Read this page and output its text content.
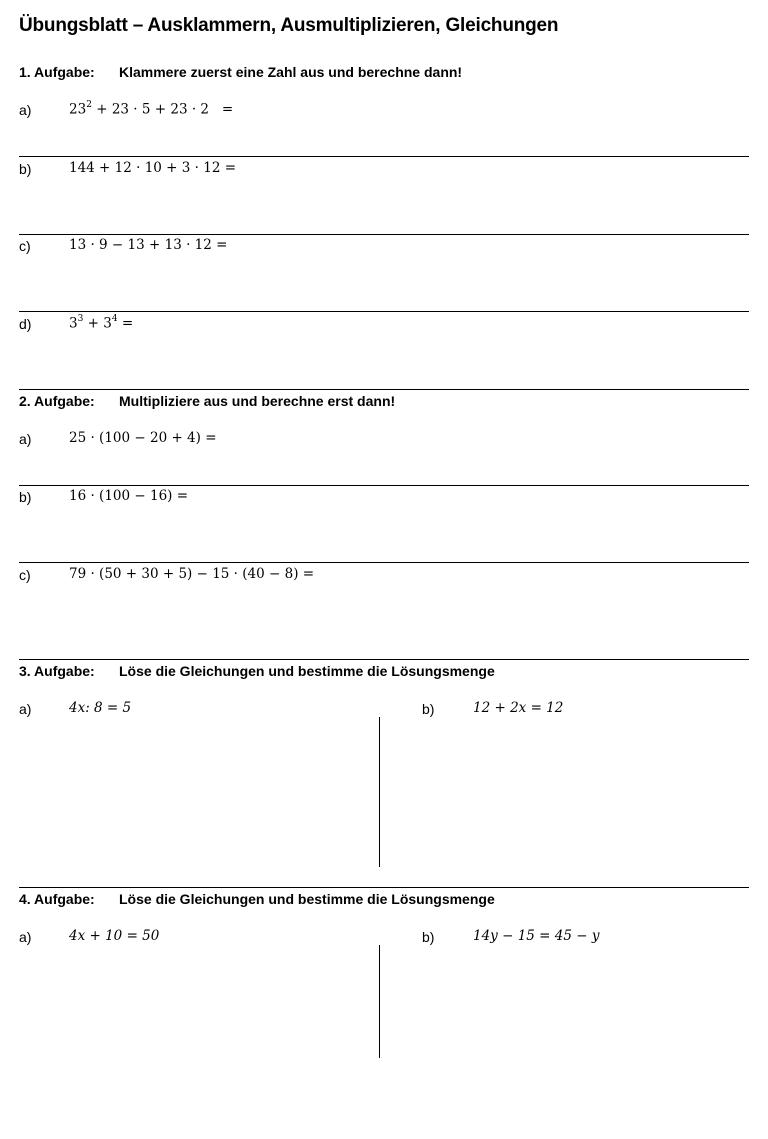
Übungsblatt – Ausklammern, Ausmultiplizieren, Gleichungen
1. Aufgabe: Klammere zuerst eine Zahl aus und berechne dann!
a)	$23^2 + 23 \cdot 5 + 23 \cdot 2$   =
b)	144 + 12 · 10 + 3 · 12 =
c)	13 · 9 − 13 + 13 · 12 =
d)	$3^3 + 3^4$ =
2. Aufgabe: Multipliziere aus und berechne erst dann!
a)	25 · (100 − 20 + 4) =
b)	16 · (100 − 16) =
c)	79 · (50 + 30 + 5) − 15 · (40 − 8) =
3. Aufgabe: Löse die Gleichungen und bestimme die Lösungsmenge
a)	4x: 8 = 5	b)	12 + 2x = 12
4. Aufgabe: Löse die Gleichungen und bestimme die Lösungsmenge
a)	4x + 10 = 50	b)	14y − 15 = 45 − y
